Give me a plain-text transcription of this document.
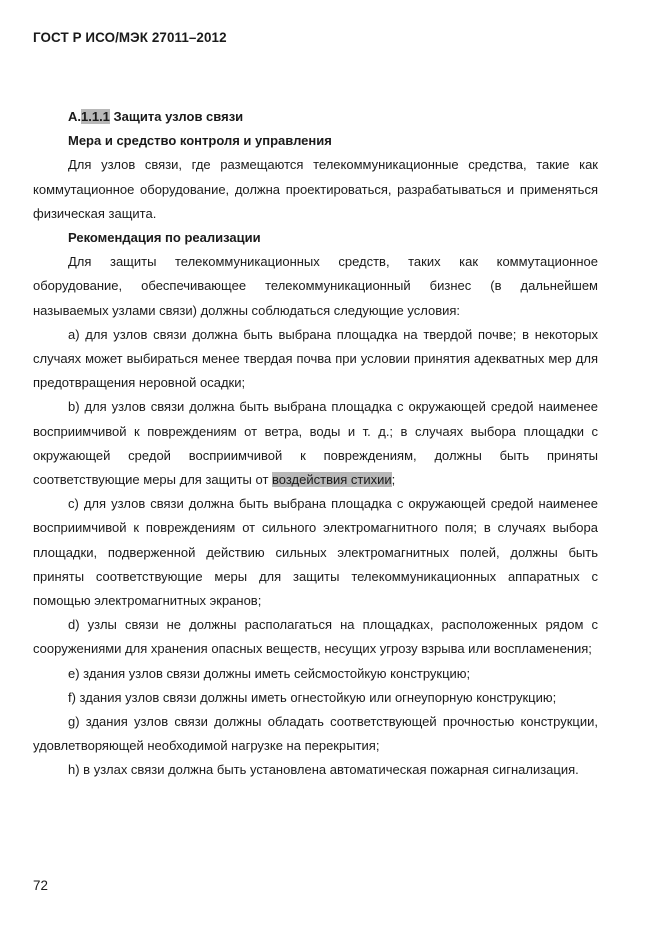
ГОСТ Р ИСО/МЭК 27011–2012

А.1.1.1 Защита узлов связи

Мера и средство контроля и управления

Для узлов связи, где размещаются телекоммуникационные средства, такие как коммутационное оборудование, должна проектироваться, разрабатываться и применяться физическая защита.

Рекомендация по реализации

Для защиты телекоммуникационных средств, таких как коммутационное оборудование, обеспечивающее телекоммуникационный бизнес (в дальнейшем называемых узлами связи) должны соблюдаться следующие условия:

а) для узлов связи должна быть выбрана площадка на твердой почве; в некоторых случаях может выбираться менее твердая почва при условии принятия адекватных мер для предотвращения неровной осадки;

b) для узлов связи должна быть выбрана площадка с окружающей средой наименее восприимчивой к повреждениям от ветра, воды и т. д.; в случаях выбора площадки с окружающей средой восприимчивой к повреждениям, должны быть приняты соответствующие меры для защиты от воздействия стихии;

с) для узлов связи должна быть выбрана площадка с окружающей средой наименее восприимчивой к повреждениям от сильного электромагнитного поля; в случаях выбора площадки, подверженной действию сильных электромагнитных полей, должны быть приняты соответствующие меры для защиты телекоммуникационных аппаратных с помощью электромагнитных экранов;

d) узлы связи не должны располагаться на площадках, расположенных рядом с сооружениями для хранения опасных веществ, несущих угрозу взрыва или воспламенения;

е) здания узлов связи должны иметь сейсмостойкую конструкцию;

f) здания узлов связи должны иметь огнестойкую или огнеупорную конструкцию;

g) здания узлов связи должны обладать соответствующей прочностью конструкции, удовлетворяющей необходимой нагрузке на перекрытия;

h) в узлах связи должна быть установлена автоматическая пожарная сигнализация.

72
